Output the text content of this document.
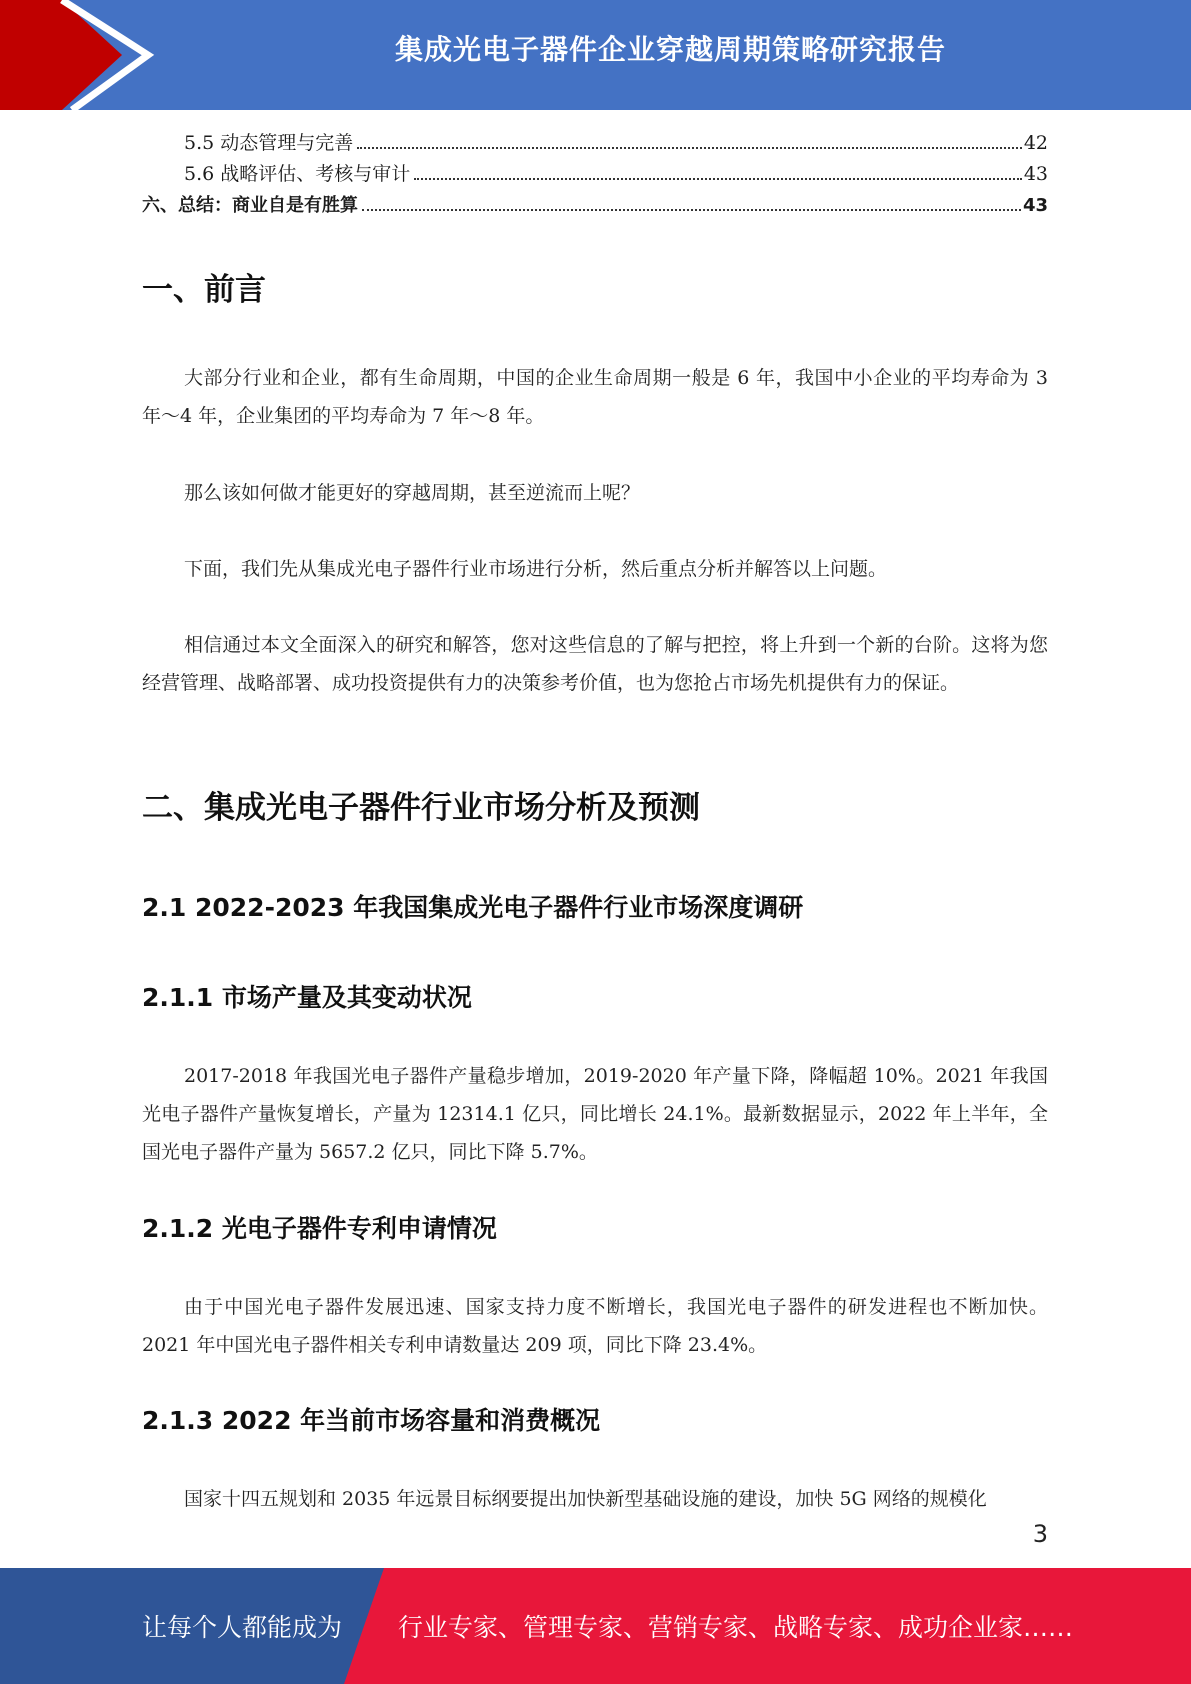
集成光电子器件企业穿越周期策略研究报告
5.5 动态管理与完善	42
5.6 战略评估、考核与审计	43
六、总结：商业自是有胜算	43
一、前言
大部分行业和企业，都有生命周期，中国的企业生命周期一般是 6 年，我国中小企业的平均寿命为 3 年～4 年，企业集团的平均寿命为 7 年～8 年。
那么该如何做才能更好的穿越周期，甚至逆流而上呢？
下面，我们先从集成光电子器件行业市场进行分析，然后重点分析并解答以上问题。
相信通过本文全面深入的研究和解答，您对这些信息的了解与把控，将上升到一个新的台阶。这将为您经营管理、战略部署、成功投资提供有力的决策参考价值，也为您抢占市场先机提供有力的保证。
二、集成光电子器件行业市场分析及预测
2.1 2022-2023 年我国集成光电子器件行业市场深度调研
2.1.1 市场产量及其变动状况
2017-2018 年我国光电子器件产量稳步增加，2019-2020 年产量下降，降幅超 10%。2021 年我国光电子器件产量恢复增长，产量为 12314.1 亿只，同比增长 24.1%。最新数据显示，2022 年上半年，全国光电子器件产量为 5657.2 亿只，同比下降 5.7%。
2.1.2 光电子器件专利申请情况
由于中国光电子器件发展迅速、国家支持力度不断增长，我国光电子器件的研发进程也不断加快。2021 年中国光电子器件相关专利申请数量达 209 项，同比下降 23.4%。
2.1.3 2022 年当前市场容量和消费概况
国家十四五规划和 2035 年远景目标纲要提出加快新型基础设施的建设，加快 5G 网络的规模化
3
让每个人都能成为 行业专家、管理专家、营销专家、战略专家、成功企业家……
